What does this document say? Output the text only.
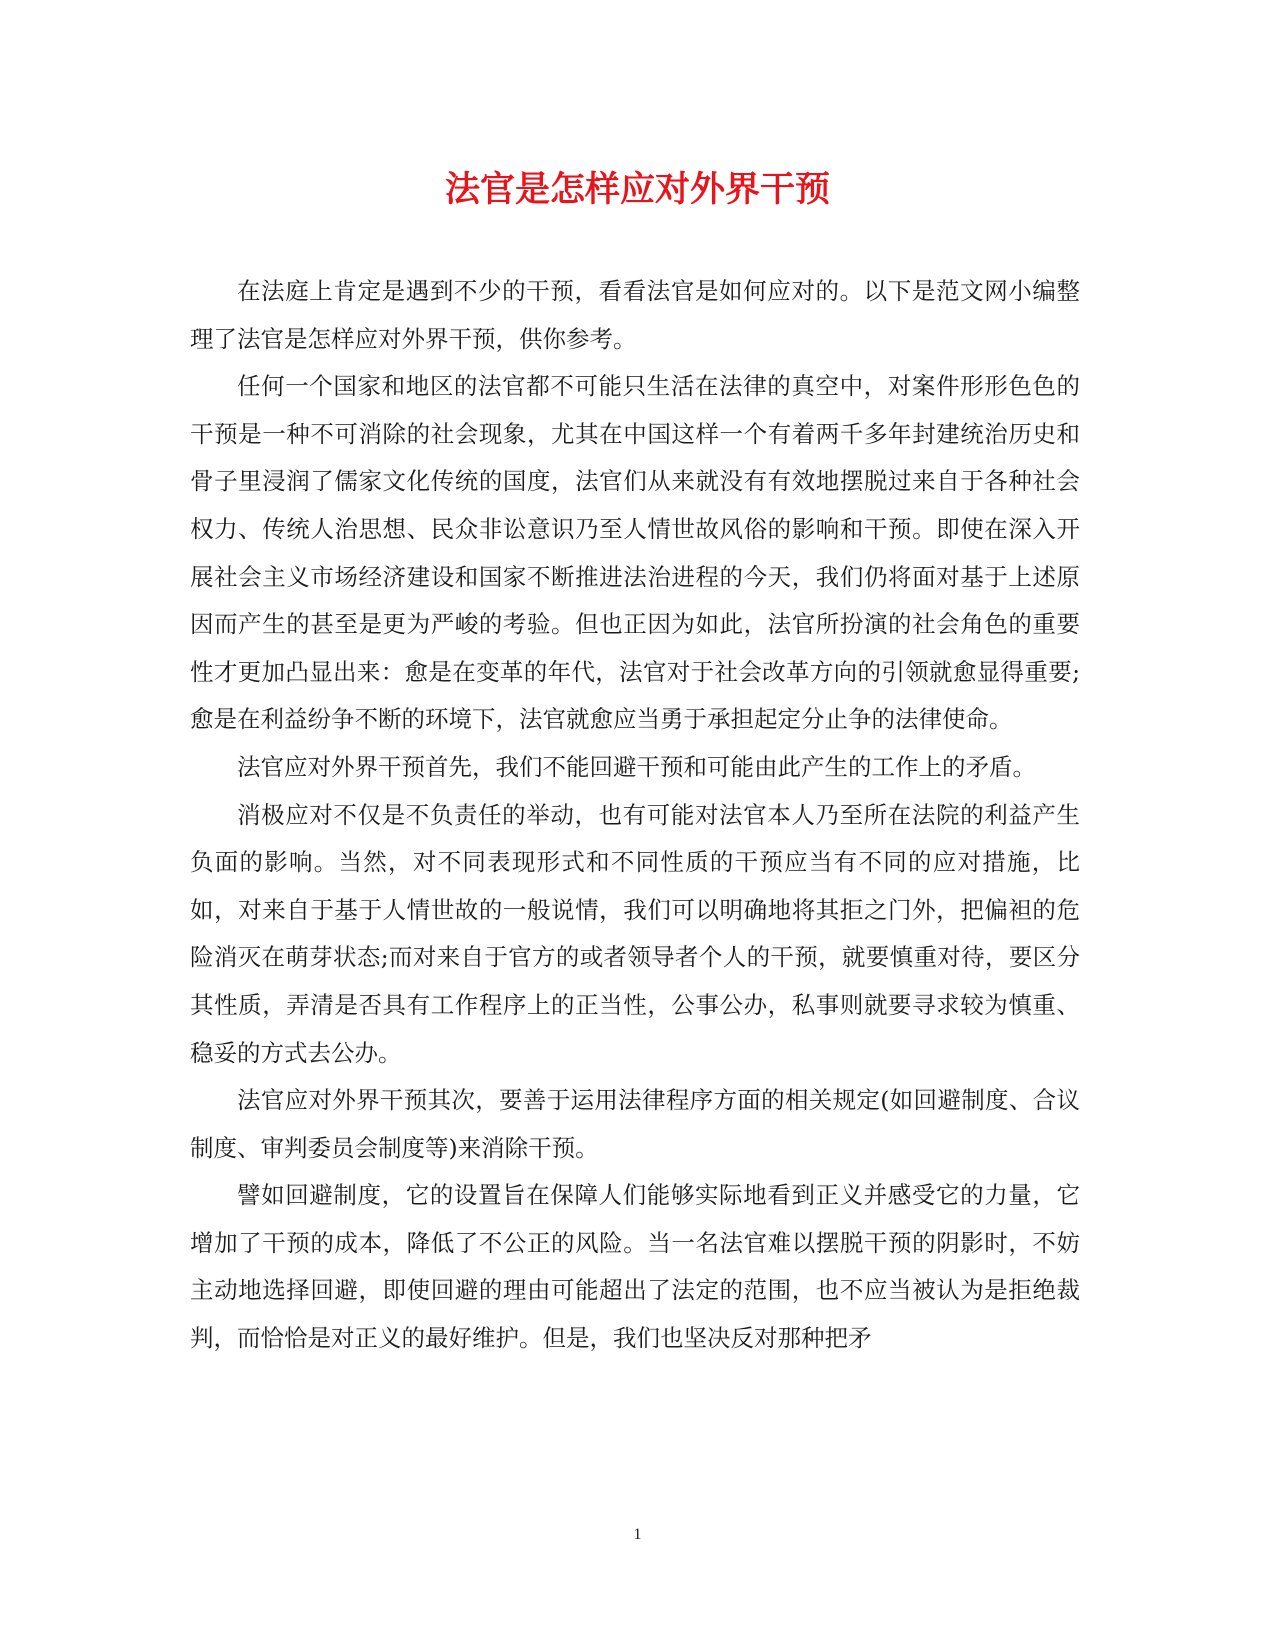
法官是怎样应对外界干预

在法庭上肯定是遇到不少的干预，看看法官是如何应对的。以下是范文网小编整理了法官是怎样应对外界干预，供你参考。

任何一个国家和地区的法官都不可能只生活在法律的真空中，对案件形形色色的干预是一种不可消除的社会现象，尤其在中国这样一个有着两千多年封建统治历史和骨子里浸润了儒家文化传统的国度，法官们从来就没有有效地摆脱过来自于各种社会权力、传统人治思想、民众非讼意识乃至人情世故风俗的影响和干预。即使在深入开展社会主义市场经济建设和国家不断推进法治进程的今天，我们仍将面对基于上述原因而产生的甚至是更为严峻的考验。但也正因为如此，法官所扮演的社会角色的重要性才更加凸显出来：愈是在变革的年代，法官对于社会改革方向的引领就愈显得重要;愈是在利益纷争不断的环境下，法官就愈应当勇于承担起定分止争的法律使命。

法官应对外界干预首先，我们不能回避干预和可能由此产生的工作上的矛盾。

消极应对不仅是不负责任的举动，也有可能对法官本人乃至所在法院的利益产生负面的影响。当然，对不同表现形式和不同性质的干预应当有不同的应对措施，比如，对来自于基于人情世故的一般说情，我们可以明确地将其拒之门外，把偏袒的危险消灭在萌芽状态;而对来自于官方的或者领导者个人的干预，就要慎重对待，要区分其性质，弄清是否具有工作程序上的正当性，公事公办，私事则就要寻求较为慎重、稳妥的方式去公办。

法官应对外界干预其次，要善于运用法律程序方面的相关规定(如回避制度、合议制度、审判委员会制度等)来消除干预。

譬如回避制度，它的设置旨在保障人们能够实际地看到正义并感受它的力量，它增加了干预的成本，降低了不公正的风险。当一名法官难以摆脱干预的阴影时，不妨主动地选择回避，即使回避的理由可能超出了法定的范围，也不应当被认为是拒绝裁判，而恰恰是对正义的最好维护。但是，我们也坚决反对那种把矛

1
